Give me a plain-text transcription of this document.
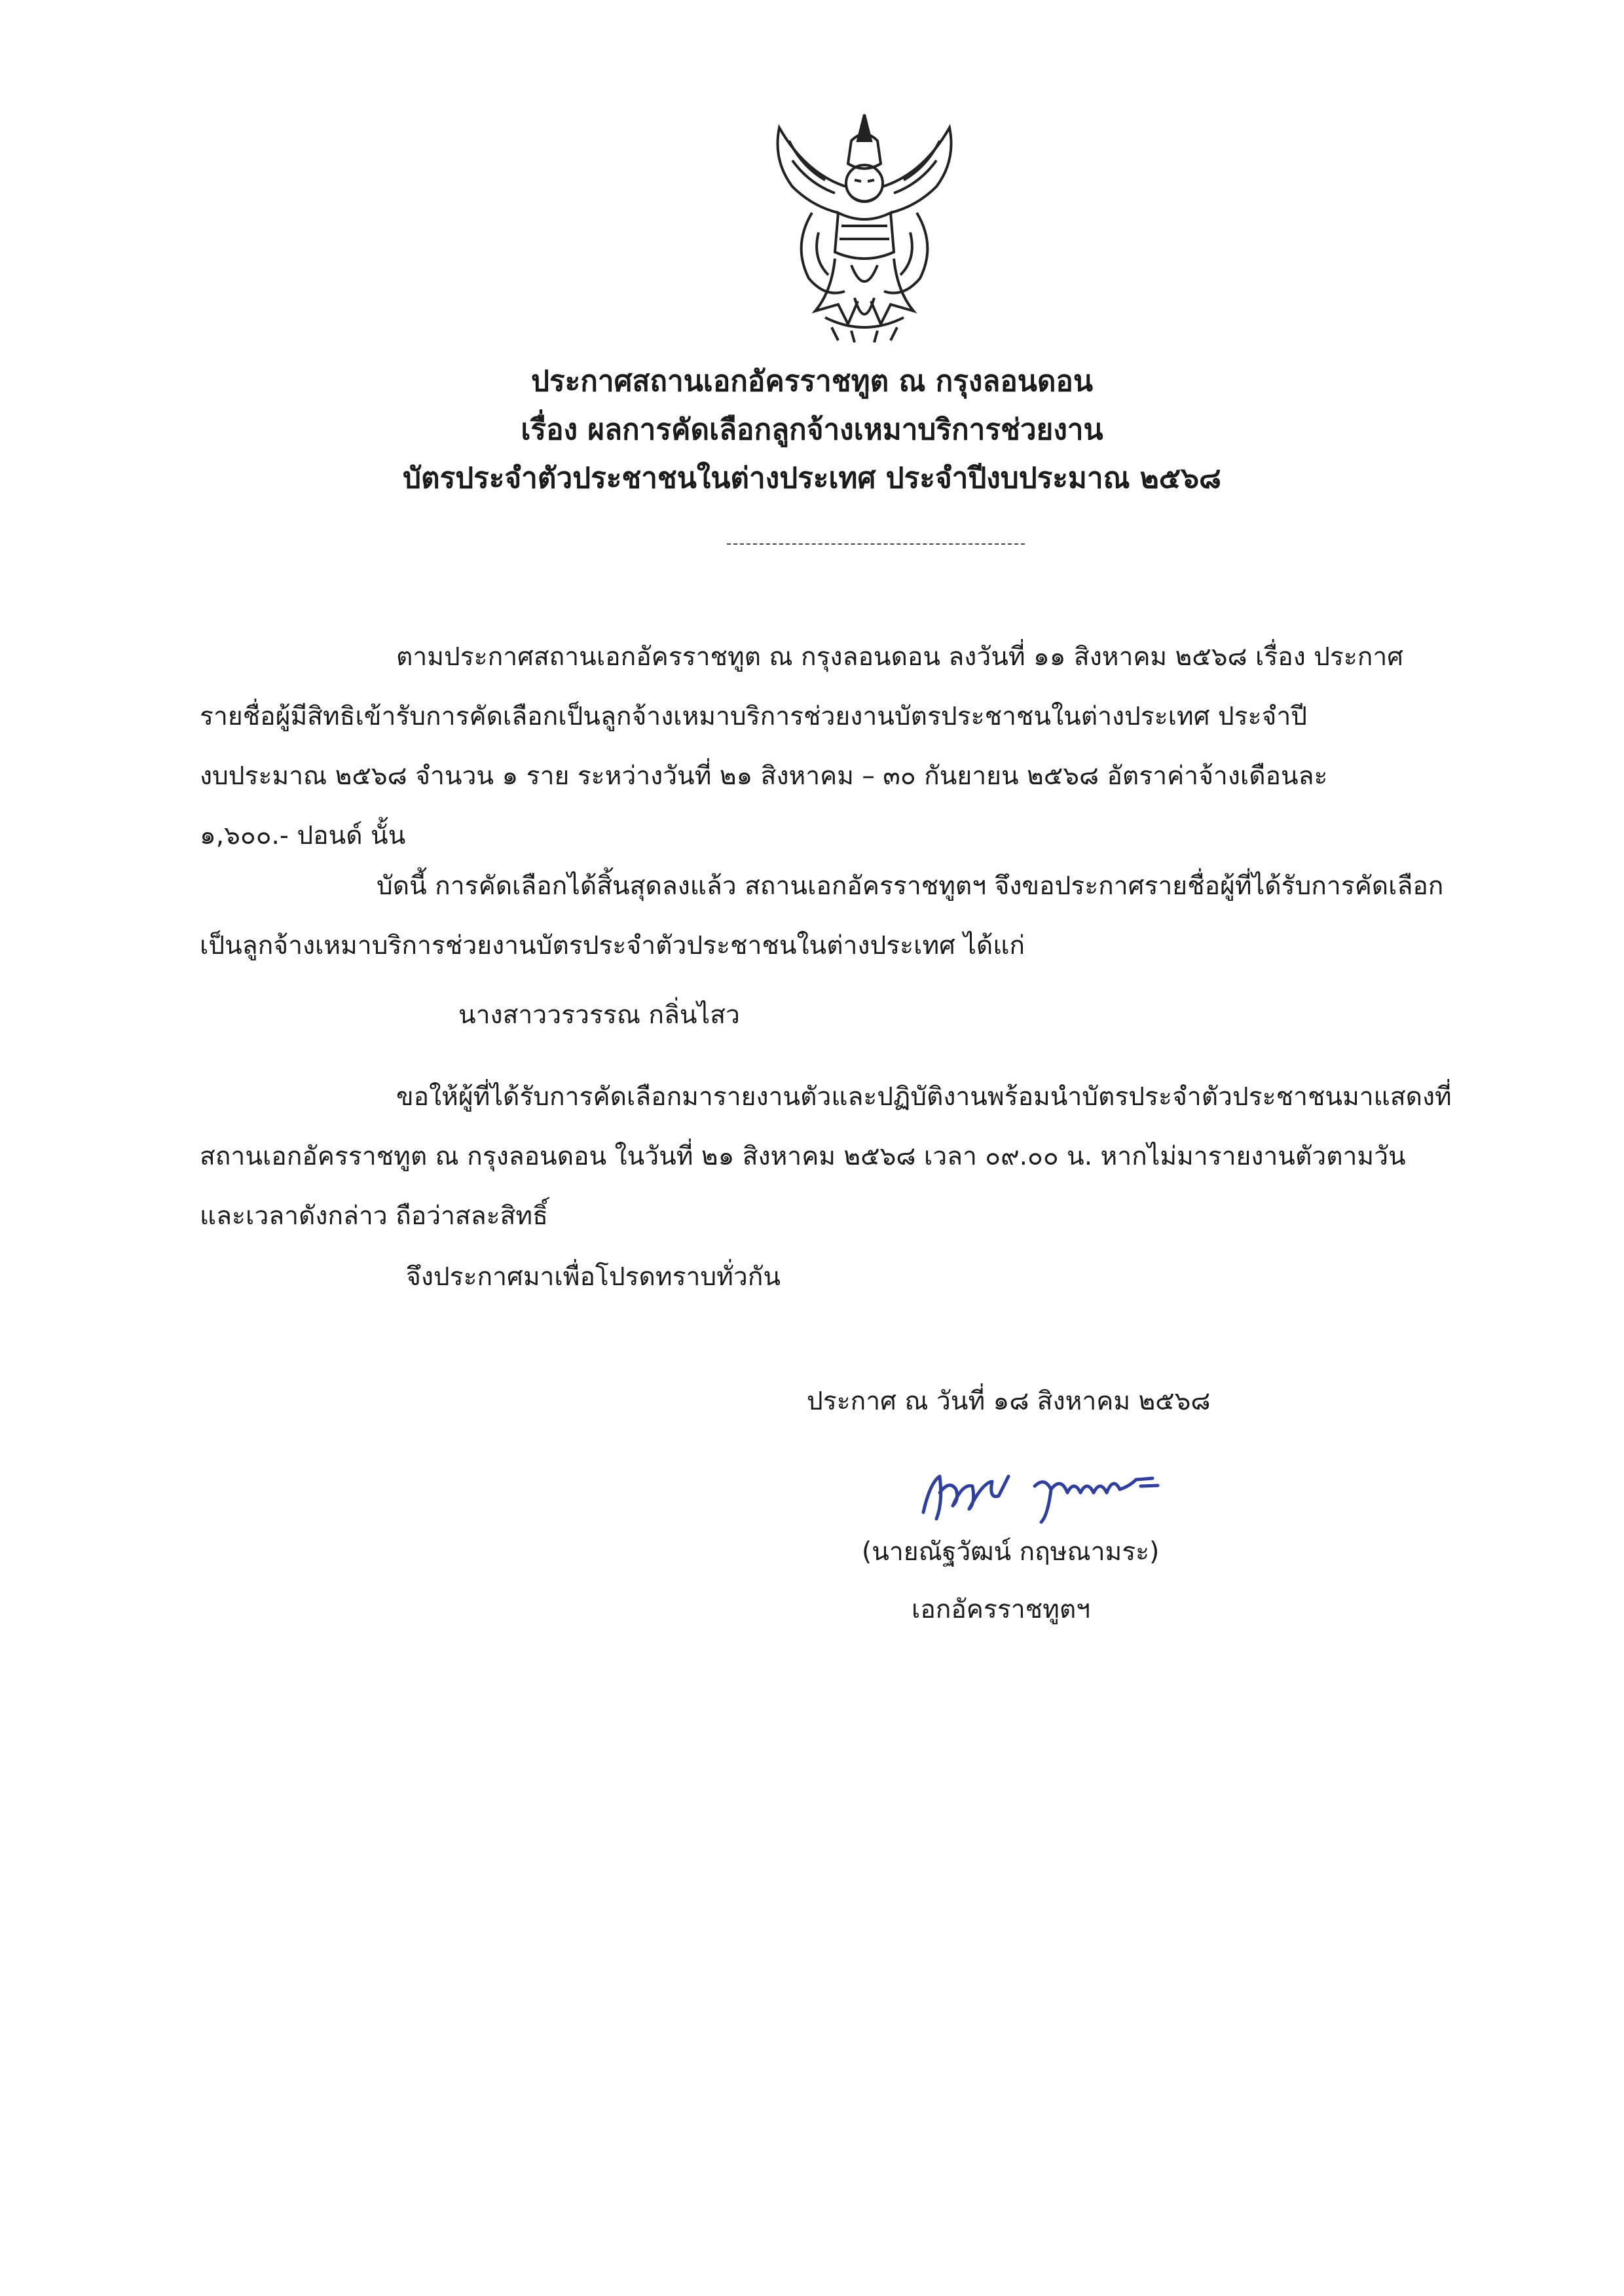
ประกาศสถานเอกอัครราชทูต ณ กรุงลอนดอน
เรื่อง ผลการคัดเลือกลูกจ้างเหมาบริการช่วยงาน
บัตรประจำตัวประชาชนในต่างประเทศ ประจำปีงบประมาณ ๒๕๖๘
ตามประกาศสถานเอกอัครราชทูต ณ กรุงลอนดอน ลงวันที่ ๑๑ สิงหาคม ๒๕๖๘ เรื่อง ประกาศ
รายชื่อผู้มีสิทธิเข้ารับการคัดเลือกเป็นลูกจ้างเหมาบริการช่วยงานบัตรประชาชนในต่างประเทศ ประจำปี
งบประมาณ ๒๕๖๘ จำนวน ๑ ราย ระหว่างวันที่ ๒๑ สิงหาคม – ๓๐ กันยายน ๒๕๖๘ อัตราค่าจ้างเดือนละ
๑,๖๐๐.- ปอนด์ นั้น
บัดนี้ การคัดเลือกได้สิ้นสุดลงแล้ว สถานเอกอัครราชทูตฯ จึงขอประกาศรายชื่อผู้ที่ได้รับการคัดเลือก
เป็นลูกจ้างเหมาบริการช่วยงานบัตรประจำตัวประชาชนในต่างประเทศ ได้แก่
นางสาววรวรรณ กลิ่นไสว
ขอให้ผู้ที่ได้รับการคัดเลือกมารายงานตัวและปฏิบัติงานพร้อมนำบัตรประจำตัวประชาชนมาแสดงที่
สถานเอกอัครราชทูต ณ กรุงลอนดอน ในวันที่ ๒๑ สิงหาคม ๒๕๖๘ เวลา ๐๙.๐๐ น. หากไม่มารายงานตัวตามวัน
และเวลาดังกล่าว ถือว่าสละสิทธิ์
จึงประกาศมาเพื่อโปรดทราบทั่วกัน
ประกาศ ณ วันที่ ๑๘ สิงหาคม ๒๕๖๘
(นายณัฐวัฒน์ กฤษณามระ)
เอกอัครราชทูตฯ
